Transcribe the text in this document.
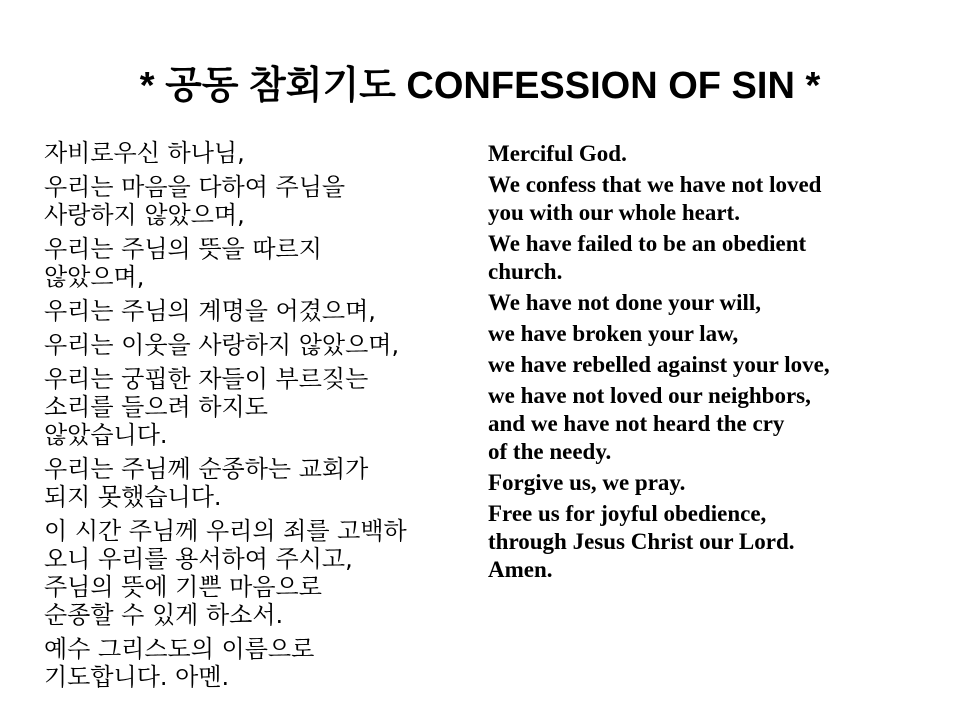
* 공동 참회기도 CONFESSION OF SIN *

자비로우신 하나님,

우리는 마음을 다하여 주님을
사랑하지 않았으며,

우리는 주님의 뜻을 따르지
않았으며,

우리는 주님의 계명을 어겼으며,

우리는 이웃을 사랑하지 않았으며,

우리는 궁핍한 자들이 부르짖는
소리를 들으려 하지도
않았습니다.

우리는 주님께 순종하는 교회가
되지 못했습니다.

이 시간 주님께 우리의 죄를 고백하
오니 우리를 용서하여 주시고,
주님의 뜻에 기쁜 마음으로
순종할 수 있게 하소서.

예수 그리스도의 이름으로
기도합니다. 아멘.

Merciful God.

We confess that we have not loved
you with our whole heart.

We have failed to be an obedient
church.

We have not done your will,

we have broken your law,

we have rebelled against your love,

we have not loved our neighbors,
and we have not heard the cry
of the needy.

Forgive us, we pray.

Free us for joyful obedience,
through Jesus Christ our Lord.
Amen.
